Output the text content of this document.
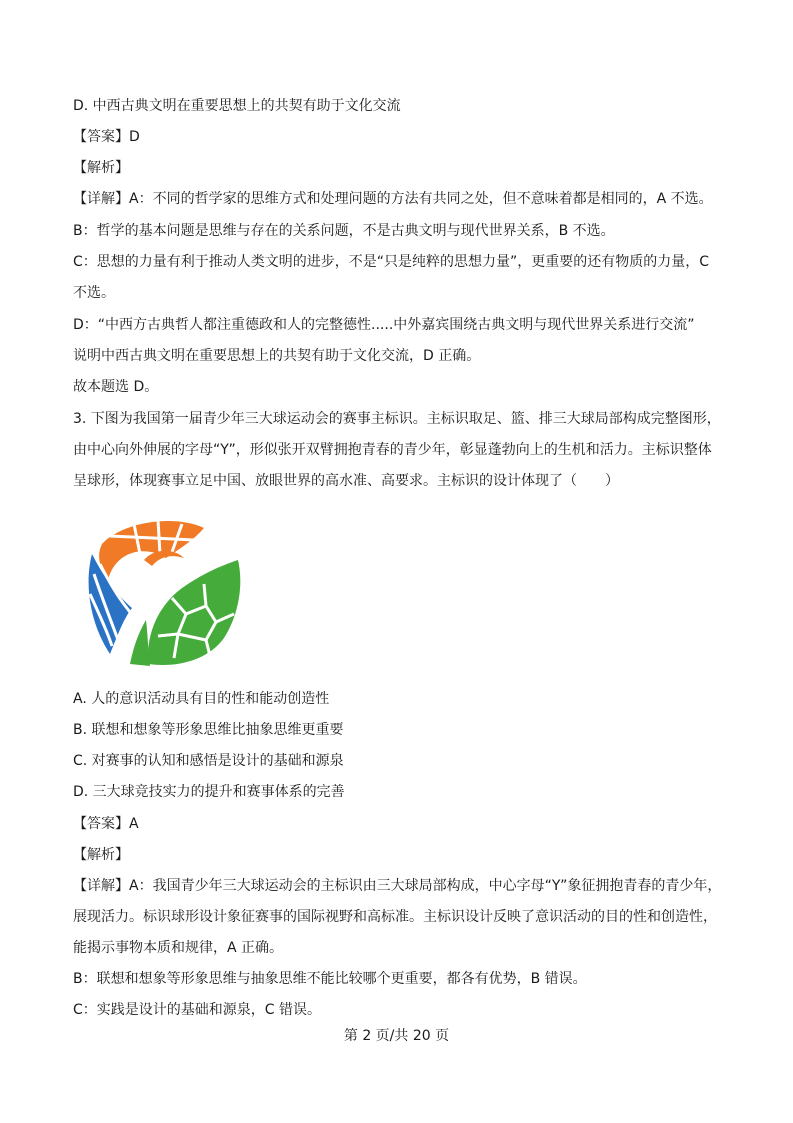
D. 中西古典文明在重要思想上的共契有助于文化交流
【答案】D
【解析】
【详解】A：不同的哲学家的思维方式和处理问题的方法有共同之处，但不意味着都是相同的，A 不选。
B：哲学的基本问题是思维与存在的关系问题，不是古典文明与现代世界关系，B 不选。
C：思想的力量有利于推动人类文明的进步，不是“只是纯粹的思想力量”，更重要的还有物质的力量，C
不选。
D：“中西方古典哲人都注重德政和人的完整德性.....中外嘉宾围绕古典文明与现代世界关系进行交流”
说明中西古典文明在重要思想上的共契有助于文化交流，D 正确。
故本题选 D。
3. 下图为我国第一届青少年三大球运动会的赛事主标识。主标识取足、篮、排三大球局部构成完整图形，
由中心向外伸展的字母“Y”，形似张开双臂拥抱青春的青少年，彰显蓬勃向上的生机和活力。主标识整体
呈球形，体现赛事立足中国、放眼世界的高水准、高要求。主标识的设计体现了（　　）
A. 人的意识活动具有目的性和能动创造性
B. 联想和想象等形象思维比抽象思维更重要
C. 对赛事的认知和感悟是设计的基础和源泉
D. 三大球竞技实力的提升和赛事体系的完善
【答案】A
【解析】
【详解】A：我国青少年三大球运动会的主标识由三大球局部构成，中心字母“Y”象征拥抱青春的青少年，
展现活力。标识球形设计象征赛事的国际视野和高标准。主标识设计反映了意识活动的目的性和创造性，
能揭示事物本质和规律，A 正确。
B：联想和想象等形象思维与抽象思维不能比较哪个更重要，都各有优势，B 错误。
C：实践是设计的基础和源泉，C 错误。
第 2 页/共 20 页
